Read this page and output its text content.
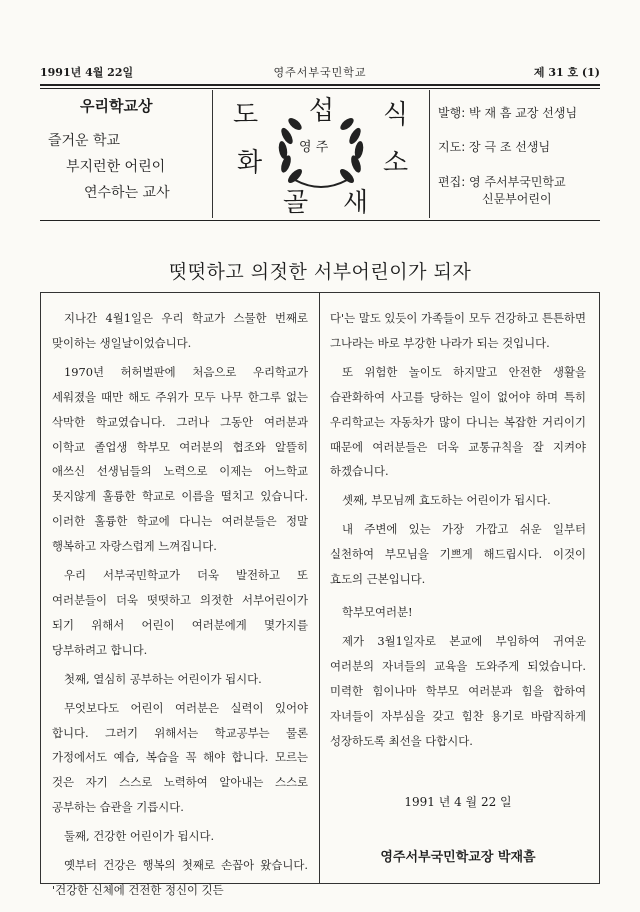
1991년 4월 22일	영주서부국민학교	제 31 호 (1)
우리학교상
즐거운 학교
부지런한 어린이
연수하는 교사
도 섭 식
화	소
골 새
영 주
발행: 박 재 흠 교장 선생님
지도: 장 극 조 선생님
편집: 영 주서부국민학교
신문부어린이
떳떳하고 의젓한 서부어린이가 되자

지나간 4월1일은 우리 학교가 스물한 번째로 맞이하는 생일날이었습니다.

1970년 허허벌판에 처음으로 우리학교가 세워졌을 때만 해도 주위가 모두 나무 한그루 없는 삭막한 학교였습니다. 그러나 그동안 여러분과 이학교 졸업생 학부모 여러분의 협조와 알뜰히 애쓰신 선생님들의 노력으로 이제는 어느학교 못지않게 훌륭한 학교로 이름을 떨치고 있습니다. 이러한 훌륭한 학교에 다니는 여러분들은 정말 행복하고 자랑스럽게 느껴집니다.

우리 서부국민학교가 더욱 발전하고 또 여러분들이 더욱 떳떳하고 의젓한 서부어린이가 되기 위해서 어린이 여러분에게 몇가지를 당부하려고 합니다.

첫째, 열심히 공부하는 어린이가 됩시다.

무엇보다도 어린이 여러분은 실력이 있어야 합니다. 그러기 위해서는 학교공부는 물론 가정에서도 예습, 복습을 꼭 해야 합니다. 모르는 것은 자기 스스로 노력하여 알아내는 스스로 공부하는 습관을 기릅시다.

둘째, 건강한 어린이가 됩시다.

옛부터 건강은 행복의 첫째로 손꼽아 왔습니다. '건강한 신체에 건전한 정신이 깃든

다'는 말도 있듯이 가족들이 모두 건강하고 튼튼하면 그나라는 바로 부강한 나라가 되는 것입니다.

또 위험한 놀이도 하지말고 안전한 생활을 습관화하여 사고를 당하는 일이 없어야 하며 특히 우리학교는 자동차가 많이 다니는 복잡한 거리이기 때문에 여러분들은 더욱 교통규칙을 잘 지켜야 하겠습니다.

셋째, 부모님께 효도하는 어린이가 됩시다.

내 주변에 있는 가장 가깝고 쉬운 일부터 실천하여 부모님을 기쁘게 해드립시다. 이것이 효도의 근본입니다.

학부모여러분!

제가 3월1일자로 본교에 부임하여 귀여운 여러분의 자녀들의 교육을 도와주게 되었습니다. 미력한 힘이나마 학부모 여러분과 힘을 합하여 자녀들이 자부심을 갖고 힘찬 용기로 바람직하게 성장하도록 최선을 다합시다.

1991 년 4 월 22 일
영주서부국민학교장 박재흠
